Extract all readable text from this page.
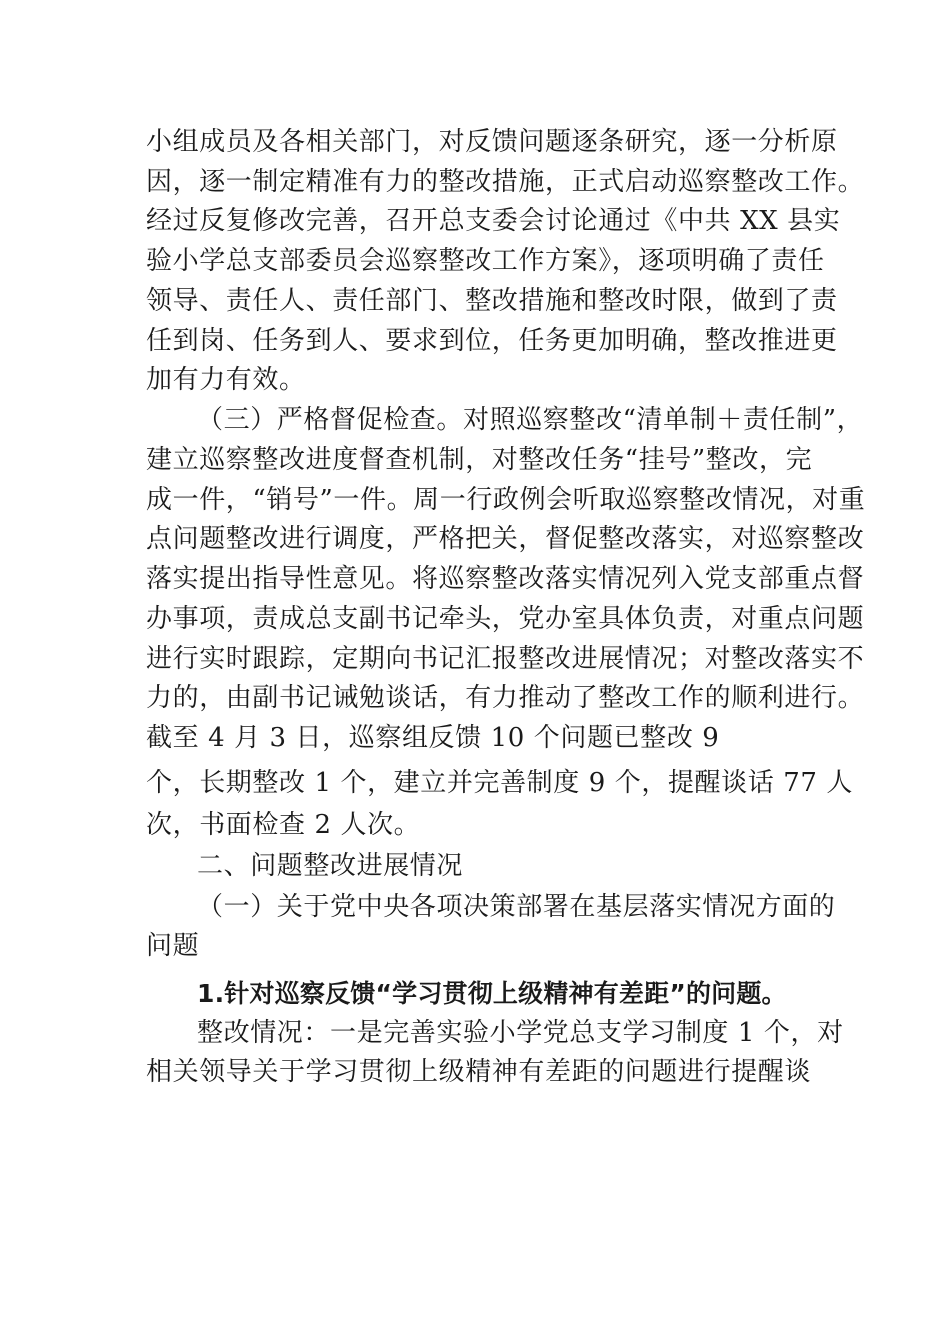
小组成员及各相关部门，对反馈问题逐条研究，逐一分析原
因，逐一制定精准有力的整改措施，正式启动巡察整改工作。
经过反复修改完善，召开总支委会讨论通过《中共 XX 县实
验小学总支部委员会巡察整改工作方案》，逐项明确了责任
领导、责任人、责任部门、整改措施和整改时限，做到了责
任到岗、任务到人、要求到位，任务更加明确，整改推进更
加有力有效。
（三）严格督促检查。对照巡察整改“清单制＋责任制”，
建立巡察整改进度督查机制，对整改任务“挂号”整改，完
成一件，“销号”一件。周一行政例会听取巡察整改情况，对重
点问题整改进行调度，严格把关，督促整改落实，对巡察整改
落实提出指导性意见。将巡察整改落实情况列入党支部重点督
办事项，责成总支副书记牵头，党办室具体负责，对重点问题
进行实时跟踪，定期向书记汇报整改进展情况；对整改落实不
力的，由副书记诫勉谈话，有力推动了整改工作的顺利进行。
截至 4 月 3 日，巡察组反馈 10 个问题已整改 9
个，长期整改 1 个，建立并完善制度 9 个，提醒谈话 77 人
次，书面检查 2 人次。
二、问题整改进展情况
（一）关于党中央各项决策部署在基层落实情况方面的
问题
1.针对巡察反馈“学习贯彻上级精神有差距”的问题。
整改情况：一是完善实验小学党总支学习制度 1 个，对
相关领导关于学习贯彻上级精神有差距的问题进行提醒谈
